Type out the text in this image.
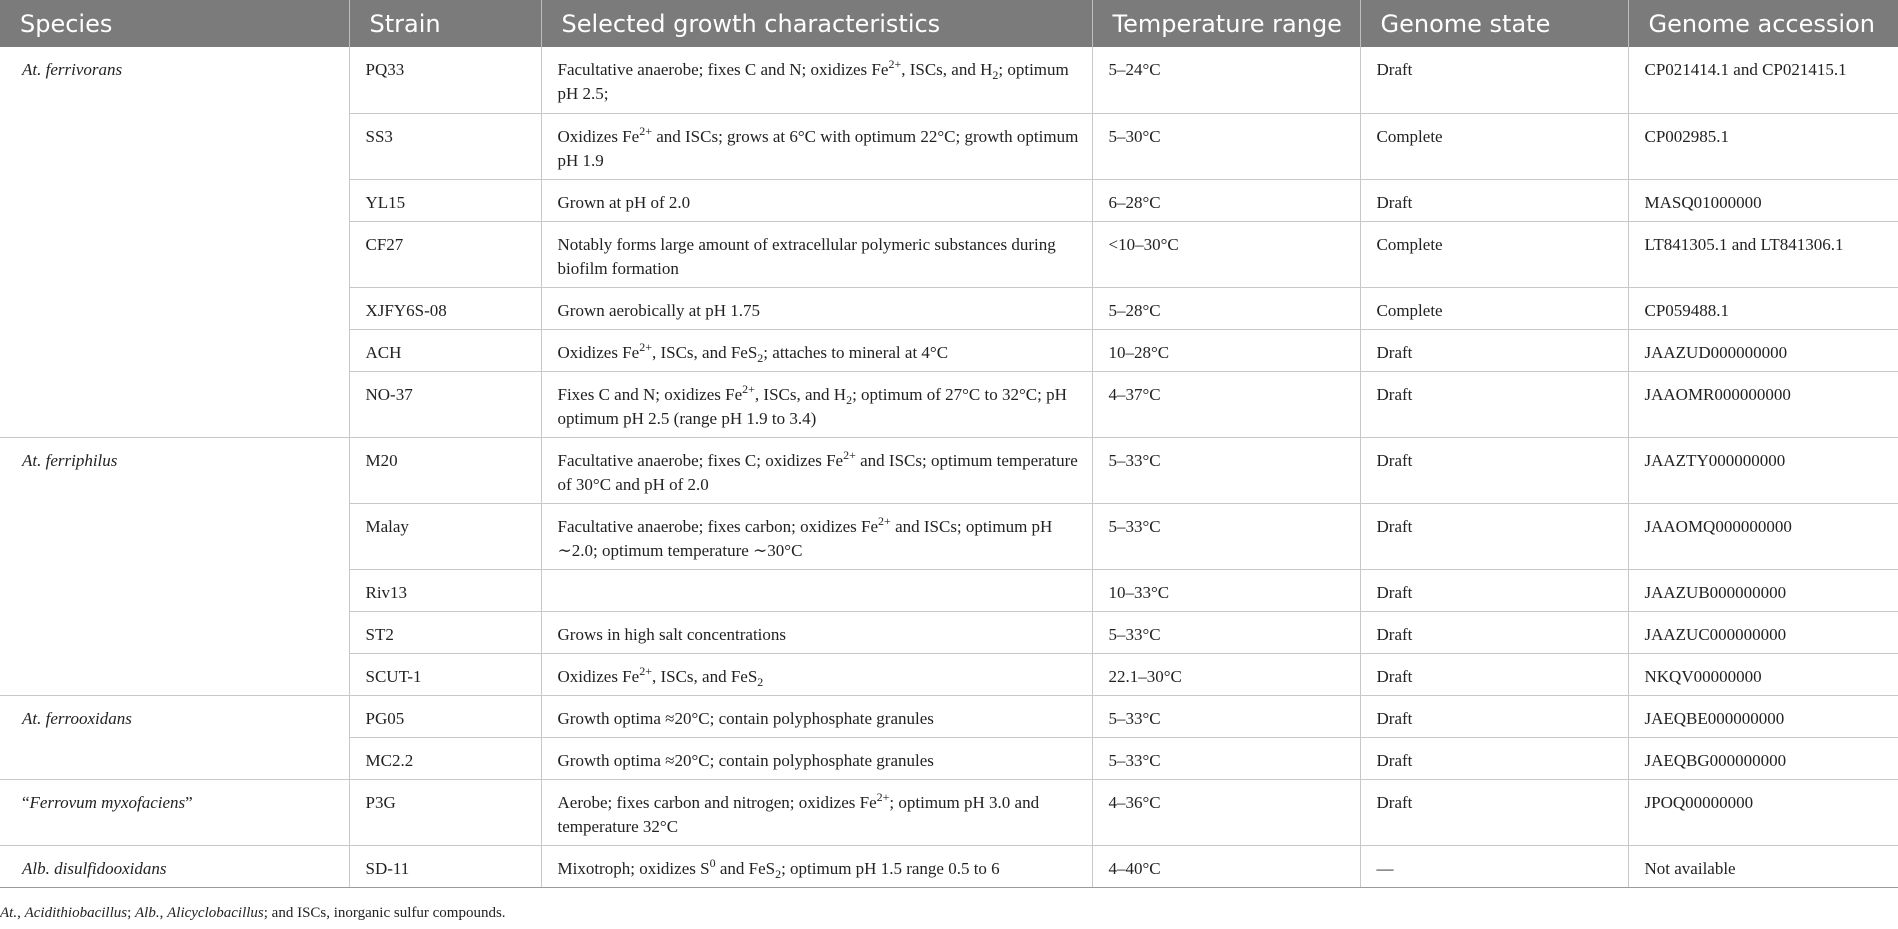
Species	Strain	Selected growth characteristics	Temperature range	Genome state	Genome accession
At. ferrivorans	PQ33	Facultative anaerobe; fixes C and N; oxidizes $Fe^{2+}$, ISCs, and $H_2$; optimum pH 2.5;	5–24°C	Draft	CP021414.1 and CP021415.1
	SS3	Oxidizes $Fe^{2+}$ and ISCs; grows at 6°C with optimum 22°C; growth optimum pH 1.9	5–30°C	Complete	CP002985.1
	YL15	Grown at pH of 2.0	6–28°C	Draft	MASQ01000000
	CF27	Notably forms large amount of extracellular polymeric substances during biofilm formation	<10–30°C	Complete	LT841305.1 and LT841306.1
	XJFY6S-08	Grown aerobically at pH 1.75	5–28°C	Complete	CP059488.1
	ACH	Oxidizes $Fe^{2+}$, ISCs, and FeS$_2$; attaches to mineral at 4°C	10–28°C	Draft	JAAZUD000000000
	NO-37	Fixes C and N; oxidizes $Fe^{2+}$, ISCs, and $H_2$; optimum of 27°C to 32°C; pH optimum pH 2.5 (range pH 1.9 to 3.4)	4–37°C	Draft	JAAOMR000000000
At. ferriphilus	M20	Facultative anaerobe; fixes C; oxidizes $Fe^{2+}$ and ISCs; optimum temperature of 30°C and pH of 2.0	5–33°C	Draft	JAAZTY000000000
	Malay	Facultative anaerobe; fixes carbon; oxidizes $Fe^{2+}$ and ISCs; optimum pH ∼2.0; optimum temperature ∼30°C	5–33°C	Draft	JAAOMQ000000000
	Riv13		10–33°C	Draft	JAAZUB000000000
	ST2	Grows in high salt concentrations	5–33°C	Draft	JAAZUC000000000
	SCUT-1	Oxidizes $Fe^{2+}$, ISCs, and FeS$_2$	22.1–30°C	Draft	NKQV00000000
At. ferrooxidans	PG05	Growth optima ≈20°C; contain polyphosphate granules	5–33°C	Draft	JAEQBE000000000
	MC2.2	Growth optima ≈20°C; contain polyphosphate granules	5–33°C	Draft	JAEQBG000000000
“Ferrovum myxofaciens”	P3G	Aerobe; fixes carbon and nitrogen; oxidizes $Fe^{2+}$; optimum pH 3.0 and temperature 32°C	4–36°C	Draft	JPOQ00000000
Alb. disulfidooxidans	SD-11	Mixotroph; oxidizes $S^0$ and FeS$_2$; optimum pH 1.5 range 0.5 to 6	4–40°C	—	Not available
At., Acidithiobacillus; Alb., Alicyclobacillus; and ISCs, inorganic sulfur compounds.
